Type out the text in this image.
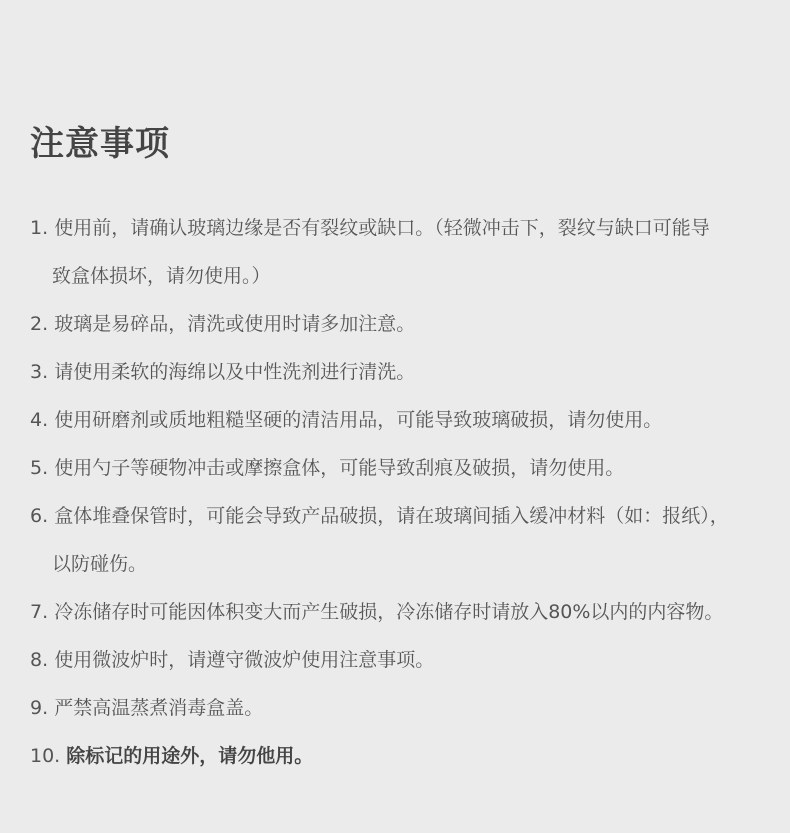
注意事项
1. 使用前，请确认玻璃边缘是否有裂纹或缺口。（轻微冲击下，裂纹与缺口可能导
致盒体损坏，请勿使用。）
2. 玻璃是易碎品，清洗或使用时请多加注意。
3. 请使用柔软的海绵以及中性洗剂进行清洗。
4. 使用研磨剂或质地粗糙坚硬的清洁用品，可能导致玻璃破损，请勿使用。
5. 使用勺子等硬物冲击或摩擦盒体，可能导致刮痕及破损，请勿使用。
6. 盒体堆叠保管时，可能会导致产品破损，请在玻璃间插入缓冲材料（如：报纸），
以防碰伤。
7. 冷冻储存时可能因体积变大而产生破损，冷冻储存时请放入80%以内的内容物。
8. 使用微波炉时，请遵守微波炉使用注意事项。
9. 严禁高温蒸煮消毒盒盖。
10. 除标记的用途外，请勿他用。
